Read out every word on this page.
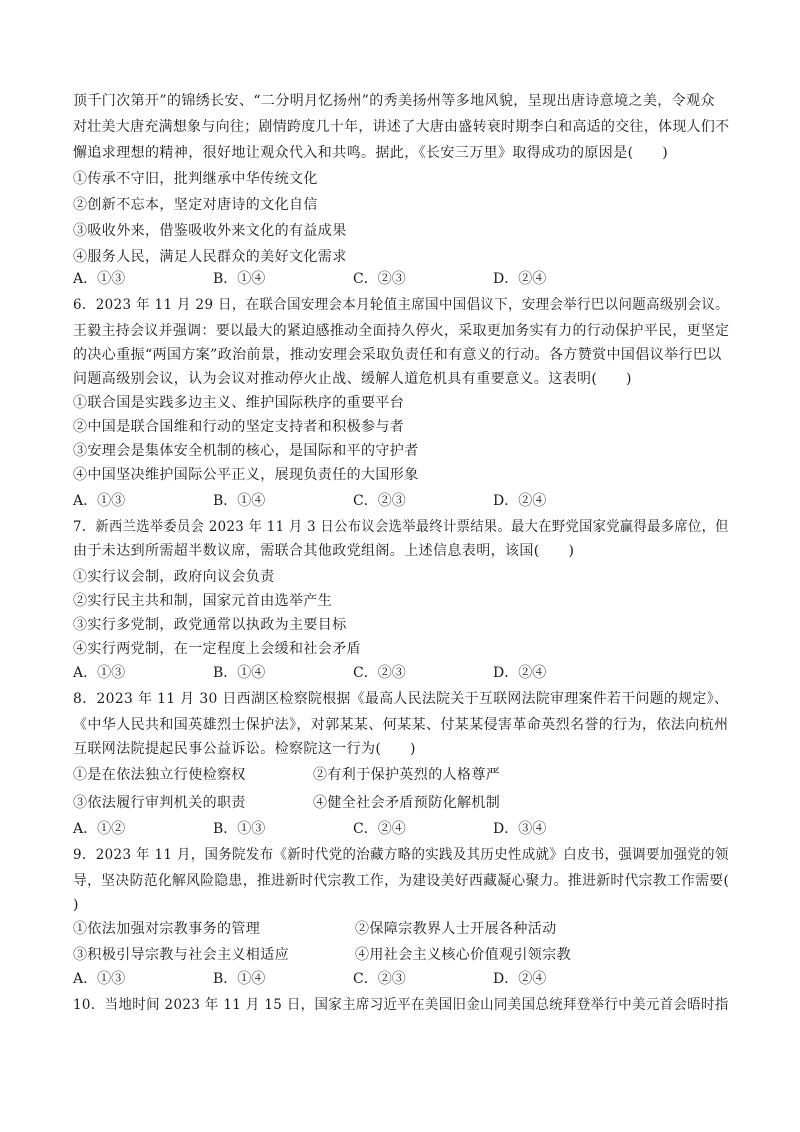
顶千门次第开”的锦绣长安、“二分明月忆扬州”的秀美扬州等多地风貌，呈现出唐诗意境之美，令观众
对壮美大唐充满想象与向往；剧情跨度几十年，讲述了大唐由盛转衰时期李白和高适的交往，体现人们不
懈追求理想的精神，很好地让观众代入和共鸣。据此，《长安三万里》取得成功的原因是(　　)
①传承不守旧，批判继承中华传统文化
②创新不忘本，坚定对唐诗的文化自信
③吸收外来，借鉴吸收外来文化的有益成果
④服务人民，满足人民群众的美好文化需求
A．①③	B．①④	C．②③	D．②④
6．2023 年 11 月 29 日，在联合国安理会本月轮值主席国中国倡议下，安理会举行巴以问题高级别会议。
王毅主持会议并强调：要以最大的紧迫感推动全面持久停火，采取更加务实有力的行动保护平民，更坚定
的决心重振“两国方案”政治前景，推动安理会采取负责任和有意义的行动。各方赞赏中国倡议举行巴以
问题高级别会议，认为会议对推动停火止战、缓解人道危机具有重要意义。这表明(　　)
①联合国是实践多边主义、维护国际秩序的重要平台
②中国是联合国维和行动的坚定支持者和积极参与者
③安理会是集体安全机制的核心，是国际和平的守护者
④中国坚决维护国际公平正义，展现负责任的大国形象
A．①③	B．①④	C．②③	D．②④
7．新西兰选举委员会 2023 年 11 月 3 日公布议会选举最终计票结果。最大在野党国家党赢得最多席位，但
由于未达到所需超半数议席，需联合其他政党组阁。上述信息表明，该国(　　)
①实行议会制，政府向议会负责
②实行民主共和制，国家元首由选举产生
③实行多党制，政党通常以执政为主要目标
④实行两党制，在一定程度上会缓和社会矛盾
A．①③	B．①④	C．②③	D．②④
8．2023 年 11 月 30 日西湖区检察院根据《最高人民法院关于互联网法院审理案件若干问题的规定》、
《中华人民共和国英雄烈士保护法》，对郭某某、何某某、付某某侵害革命英烈名誉的行为，依法向杭州
互联网法院提起民事公益诉讼。检察院这一行为(　　)
①是在依法独立行使检察权	②有利于保护英烈的人格尊严
③依法履行审判机关的职责	④健全社会矛盾预防化解机制
A．①②	B．①③	C．②④	D．③④
9．2023 年 11 月，国务院发布《新时代党的治藏方略的实践及其历史性成就》白皮书，强调要加强党的领
导，坚决防范化解风险隐患，推进新时代宗教工作，为建设美好西藏凝心聚力。推进新时代宗教工作需要(
)
①依法加强对宗教事务的管理	②保障宗教界人士开展各种活动
③积极引导宗教与社会主义相适应	④用社会主义核心价值观引领宗教
A．①③	B．①④	C．②③	D．②④
10．当地时间 2023 年 11 月 15 日，国家主席习近平在美国旧金山同美国总统拜登举行中美元首会晤时指
